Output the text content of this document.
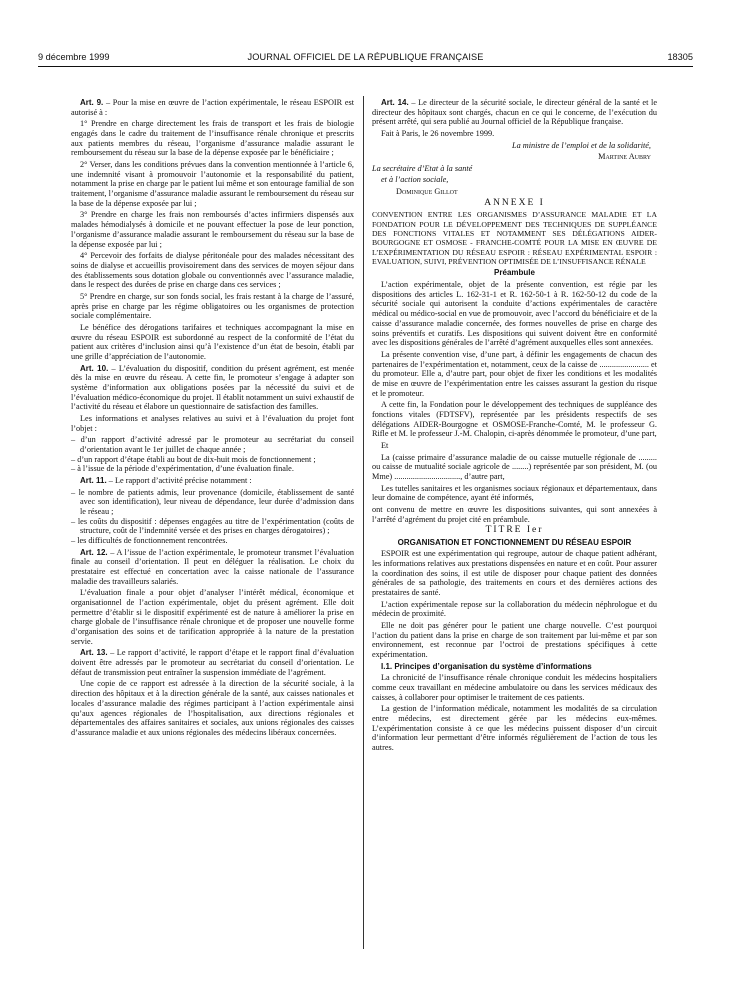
9 décembre 1999	JOURNAL OFFICIEL DE LA RÉPUBLIQUE FRANÇAISE	18305

Art. 9. – Pour la mise en œuvre de l’action expérimentale, le réseau ESPOIR est autorisé à :

1° Prendre en charge directement les frais de transport et les frais de biologie engagés dans le cadre du traitement de l’insuffisance rénale chronique et prescrits aux patients membres du réseau, l’organisme d’assurance maladie assurant le remboursement du réseau sur la base de la dépense exposée par le bénéficiaire ;

2° Verser, dans les conditions prévues dans la convention mentionnée à l’article 6, une indemnité visant à promouvoir l’autonomie et la responsabilité du patient, notamment la prise en charge par le patient lui même et son entourage familial de son traitement, l’organisme d’assurance maladie assurant le remboursement du réseau sur la base de la dépense exposée par lui ;

3° Prendre en charge les frais non remboursés d’actes infirmiers dispensés aux malades hémodialysés à domicile et ne pouvant effectuer la pose de leur ponction, l’organisme d’assurance maladie assurant le remboursement du réseau sur la base de la dépense exposée par lui ;

4° Percevoir des forfaits de dialyse péritonéale pour des malades nécessitant des soins de dialyse et accueillis provisoirement dans des services de moyen séjour dans des établissements sous dotation globale ou conventionnés avec l’assurance maladie, dans le respect des durées de prise en charge dans ces services ;

5° Prendre en charge, sur son fonds social, les frais restant à la charge de l’assuré, après prise en charge par les régime obligatoires ou les organismes de protection sociale complémentaire.

Le bénéfice des dérogations tarifaires et techniques accompagnant la mise en œuvre du réseau ESPOIR est subordonné au respect de la conformité de l’état du patient aux critères d’inclusion ainsi qu’à l’existence d’un état de besoin, établi par une grille d’appréciation de l’autonomie.

Art. 10. – L’évaluation du dispositif, condition du présent agrément, est menée dès la mise en œuvre du réseau. A cette fin, le promoteur s’engage à adapter son système d’information aux obligations posées par la nécessité du suivi et de l’évaluation médico-économique du projet. Il établit notamment un suivi exhaustif de l’activité du réseau et élabore un questionnaire de satisfaction des familles.

Les informations et analyses relatives au suivi et à l’évaluation du projet font l’objet :

– d’un rapport d’activité adressé par le promoteur au secrétariat du conseil d’orientation avant le 1er juillet de chaque année ;
– d’un rapport d’étape établi au bout de dix-huit mois de fonctionnement ;
– à l’issue de la période d’expérimentation, d’une évaluation finale.

Art. 11. – Le rapport d’activité précise notamment :

– le nombre de patients admis, leur provenance (domicile, établissement de santé avec son identification), leur niveau de dépendance, leur durée d’admission dans le réseau ;
– les coûts du dispositif : dépenses engagées au titre de l’expérimentation (coûts de structure, coût de l’indemnité versée et des prises en charges dérogatoires) ;
– les difficultés de fonctionnement rencontrées.

Art. 12. – A l’issue de l’action expérimentale, le promoteur transmet l’évaluation finale au conseil d’orientation. Il peut en déléguer la réalisation. Le choix du prestataire est effectué en concertation avec la caisse nationale de l’assurance maladie des travailleurs salariés.

L’évaluation finale a pour objet d’analyser l’intérêt médical, économique et organisationnel de l’action expérimentale, objet du présent agrément. Elle doit permettre d’établir si le dispositif expérimenté est de nature à améliorer la prise en charge globale de l’insuffisance rénale chronique et de proposer une nouvelle forme d’organisation des soins et de tarification appropriée à la nature de la prestation servie.

Art. 13. – Le rapport d’activité, le rapport d’étape et le rapport final d’évaluation doivent être adressés par le promoteur au secrétariat du conseil d’orientation. Le défaut de transmission peut entraîner la suspension immédiate de l’agrément.

Une copie de ce rapport est adressée à la direction de la sécurité sociale, à la direction des hôpitaux et à la direction générale de la santé, aux caisses nationales et locales d’assurance maladie des régimes participant à l’action expérimentale ainsi qu’aux agences régionales de l’hospitalisation, aux directions régionales et départementales des affaires sanitaires et sociales, aux unions régionales des caisses d’assurance maladie et aux unions régionales des médecins libéraux concernées.

Art. 14. – Le directeur de la sécurité sociale, le directeur général de la santé et le directeur des hôpitaux sont chargés, chacun en ce qui le concerne, de l’exécution du présent arrêté, qui sera publié au Journal officiel de la République française.

Fait à Paris, le 26 novembre 1999.

La ministre de l’emploi et de la solidarité,

Martine Aubry

La secrétaire d’Etat à la santé

et à l’action sociale,

Dominique Gillot

ANNEXE I

CONVENTION ENTRE LES ORGANISMES D’ASSURANCE MALADIE ET LA FONDATION POUR LE DÉVELOPPEMENT DES TECHNIQUES DE SUPPLÉANCE DES FONCTIONS VITALES ET NOTAMMENT SES DÉLÉGATIONS AIDER-BOURGOGNE ET OSMOSE - FRANCHE-COMTÉ POUR LA MISE EN ŒUVRE DE L’EXPÉRIMENTATION DU RÉSEAU ESPOIR : RÉSEAU EXPÉRIMENTAL ESPOIR : EVALUATION, SUIVI, PRÉVENTION OPTIMISÉE DE L’INSUFFISANCE RÉNALE

Préambule

L’action expérimentale, objet de la présente convention, est régie par les dispositions des articles L. 162-31-1 et R. 162-50-1 à R. 162-50-12 du code de la sécurité sociale qui autorisent la conduite d’actions expérimentales de caractère médical ou médico-social en vue de promouvoir, avec l’accord du bénéficiaire et de la caisse d’assurance maladie concernée, des formes nouvelles de prise en charge des soins préventifs et curatifs. Les dispositions qui suivent doivent être en conformité avec les dispositions générales de l’arrêté d’agrément auxquelles elles sont annexées.

La présente convention vise, d’une part, à définir les engagements de chacun des partenaires de l’expérimentation et, notamment, ceux de la caisse de ........................ et du promoteur. Elle a, d’autre part, pour objet de fixer les conditions et les modalités de mise en œuvre de l’expérimentation entre les caisses assurant la gestion du risque et le promoteur.

A cette fin, la Fondation pour le développement des techniques de suppléance des fonctions vitales (FDTSFV), représentée par les présidents respectifs de ses délégations AIDER-Bourgogne et OSMOSE-Franche-Comté, M. le professeur G. Rifle et M. le professeur J.-M. Chalopin, ci-après dénommée le promoteur, d’une part,

Et

La (caisse primaire d’assurance maladie de ou caisse mutuelle régionale de ......... ou caisse de mutualité sociale agricole de ........) représentée par son président, M. (ou Mme) ................................, d’autre part,

Les tutelles sanitaires et les organismes sociaux régionaux et départementaux, dans leur domaine de compétence, ayant été informés,

ont convenu de mettre en œuvre les dispositions suivantes, qui sont annexées à l’arrêté d’agrément du projet cité en préambule.

TITRE Ier

ORGANISATION ET FONCTIONNEMENT DU RÉSEAU ESPOIR

ESPOIR est une expérimentation qui regroupe, autour de chaque patient adhérant, les informations relatives aux prestations dispensées en nature et en coût. Pour assurer la coordination des soins, il est utile de disposer pour chaque patient des données générales de sa pathologie, des traitements en cours et des dernières actions des prestataires de santé.

L’action expérimentale repose sur la collaboration du médecin néphrologue et du médecin de proximité.

Elle ne doit pas générer pour le patient une charge nouvelle. C’est pourquoi l’action du patient dans la prise en charge de son traitement par lui-même et par son environnement, est reconnue par l’octroi de prestations spécifiques à cette expérimentation.

I.1. Principes d’organisation du système d’informations

La chronicité de l’insuffisance rénale chronique conduit les médecins hospitaliers comme ceux travaillant en médecine ambulatoire ou dans les services médicaux des caisses, à collaborer pour optimiser le traitement de ces patients.

La gestion de l’information médicale, notamment les modalités de sa circulation entre médecins, est directement gérée par les médecins eux-mêmes. L’expérimentation consiste à ce que les médecins puissent disposer d’un circuit d’information leur permettant d’être informés régulièrement de l’action de tous les autres.
